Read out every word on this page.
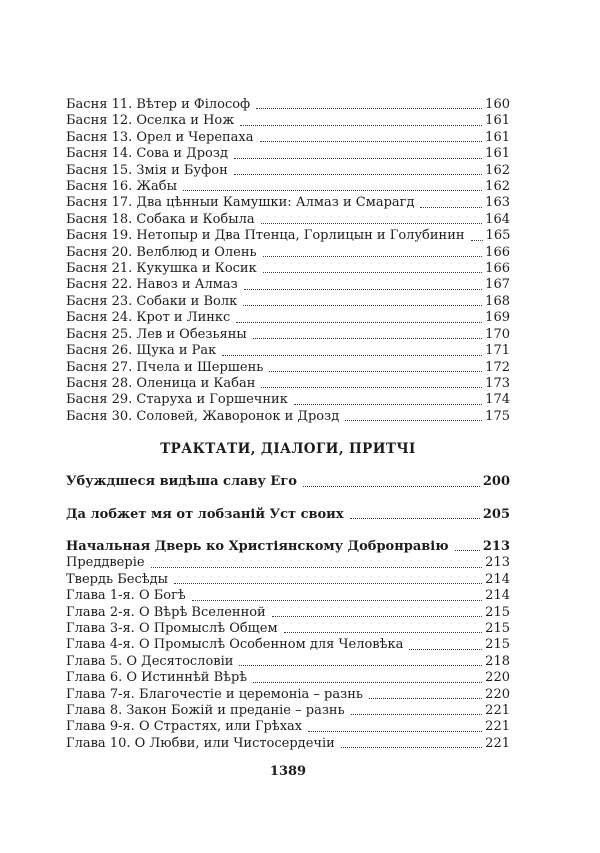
Басня 11. Вѣтер и Філософ	160
Басня 12. Оселка и Нож	161
Басня 13. Орел и Черепаха	161
Басня 14. Сова и Дрозд	161
Басня 15. Змія и Буфон	162
Басня 16. Жабы	162
Басня 17. Два цѣнныи Камушки: Алмаз и Смарагд	163
Басня 18. Собака и Кобыла	164
Басня 19. Нетопыр и Два Птенца, Горлицын и Голубинин 165
Басня 20. Велблюд и Олень	166
Басня 21. Кукушка и Косик	166
Басня 22. Навоз и Алмаз	167
Басня 23. Собаки и Волк	168
Басня 24. Крот и Линкс	169
Басня 25. Лев и Обезьяны	170
Басня 26. Щука и Рак	171
Басня 27. Пчела и Шершень	172
Басня 28. Оленица и Кабан	173
Басня 29. Старуха и Горшечник	174
Басня 30. Соловей, Жаворонок и Дрозд	175
ТРАКТАТИ, ДІАЛОГИ, ПРИТЧІ
Убуждшеся видѣша славу Его	200
Да лобжет мя от лобзаній Уст своих	205
Начальная Дверь ко Христіянскому Добронравію	213
Преддверіе	213
Твердь Бесѣды	214
Глава 1-я. О Богѣ	214
Глава 2-я. О Вѣрѣ Вселенной	215
Глава 3-я. О Промыслѣ Общем	215
Глава 4-я. О Промыслѣ Особенном для Человѣка	215
Глава 5. О Десятословіи	218
Глава 6. О Истиннѣй Вѣрѣ	220
Глава 7-я. Благочестіе и церемоніа – разнь	220
Глава 8. Закон Божій и преданіе – разнь	221
Глава 9-я. О Страстях, или Грѣхах	221
Глава 10. О Любви, или Чистосердечіи	221
1389
